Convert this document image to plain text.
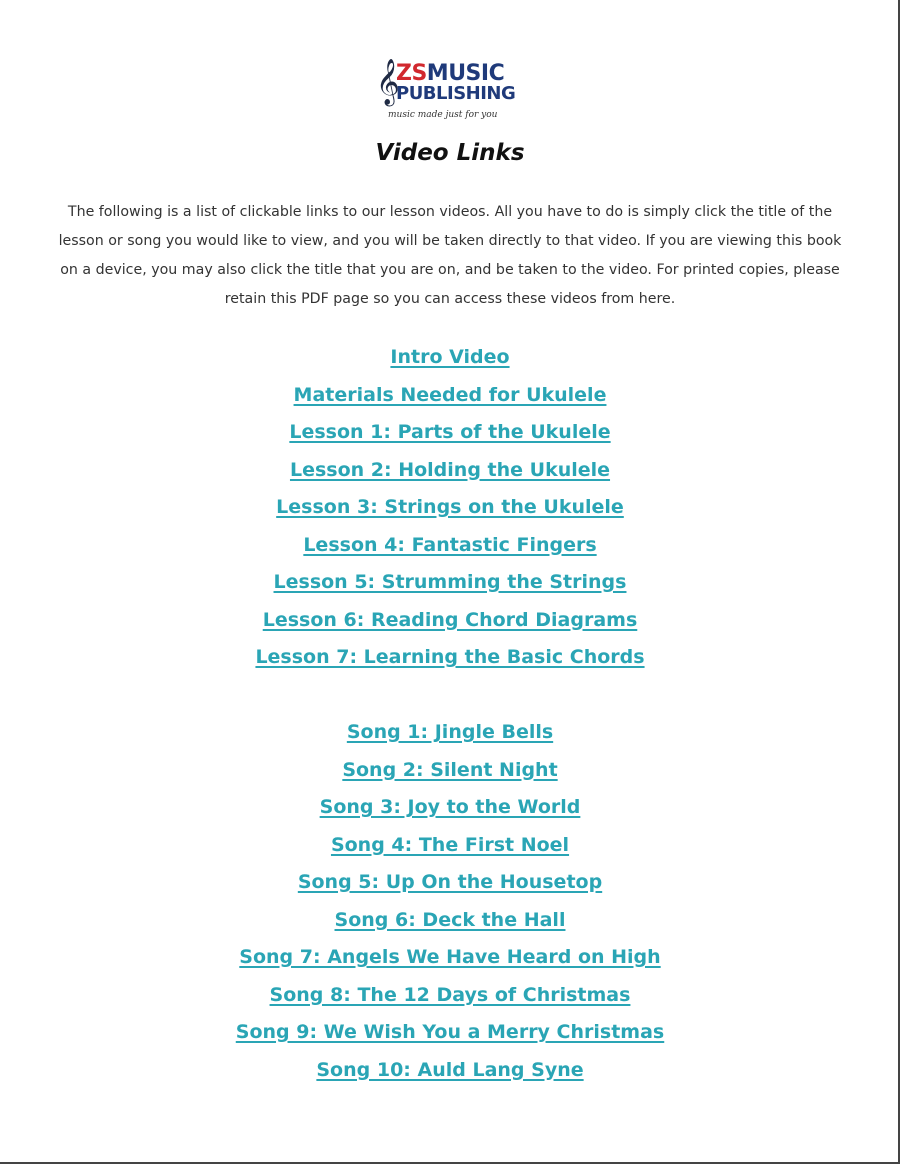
𝄞
ZSMUSIC
PUBLISHING
music made just for you
Video Links

The following is a list of clickable links to our lesson videos. All you have to do is simply click the title of the lesson or song you would like to view, and you will be taken directly to that video. If you are viewing this book on a device, you may also click the title that you are on, and be taken to the video. For printed copies, please retain this PDF page so you can access these videos from here.

Intro Video
Materials Needed for Ukulele
Lesson 1: Parts of the Ukulele
Lesson 2: Holding the Ukulele
Lesson 3: Strings on the Ukulele
Lesson 4: Fantastic Fingers
Lesson 5: Strumming the Strings
Lesson 6: Reading Chord Diagrams
Lesson 7: Learning the Basic Chords
Song 1: Jingle Bells
Song 2: Silent Night
Song 3: Joy to the World
Song 4: The First Noel
Song 5: Up On the Housetop
Song 6: Deck the Hall
Song 7: Angels We Have Heard on High
Song 8: The 12 Days of Christmas
Song 9: We Wish You a Merry Christmas
Song 10: Auld Lang Syne
